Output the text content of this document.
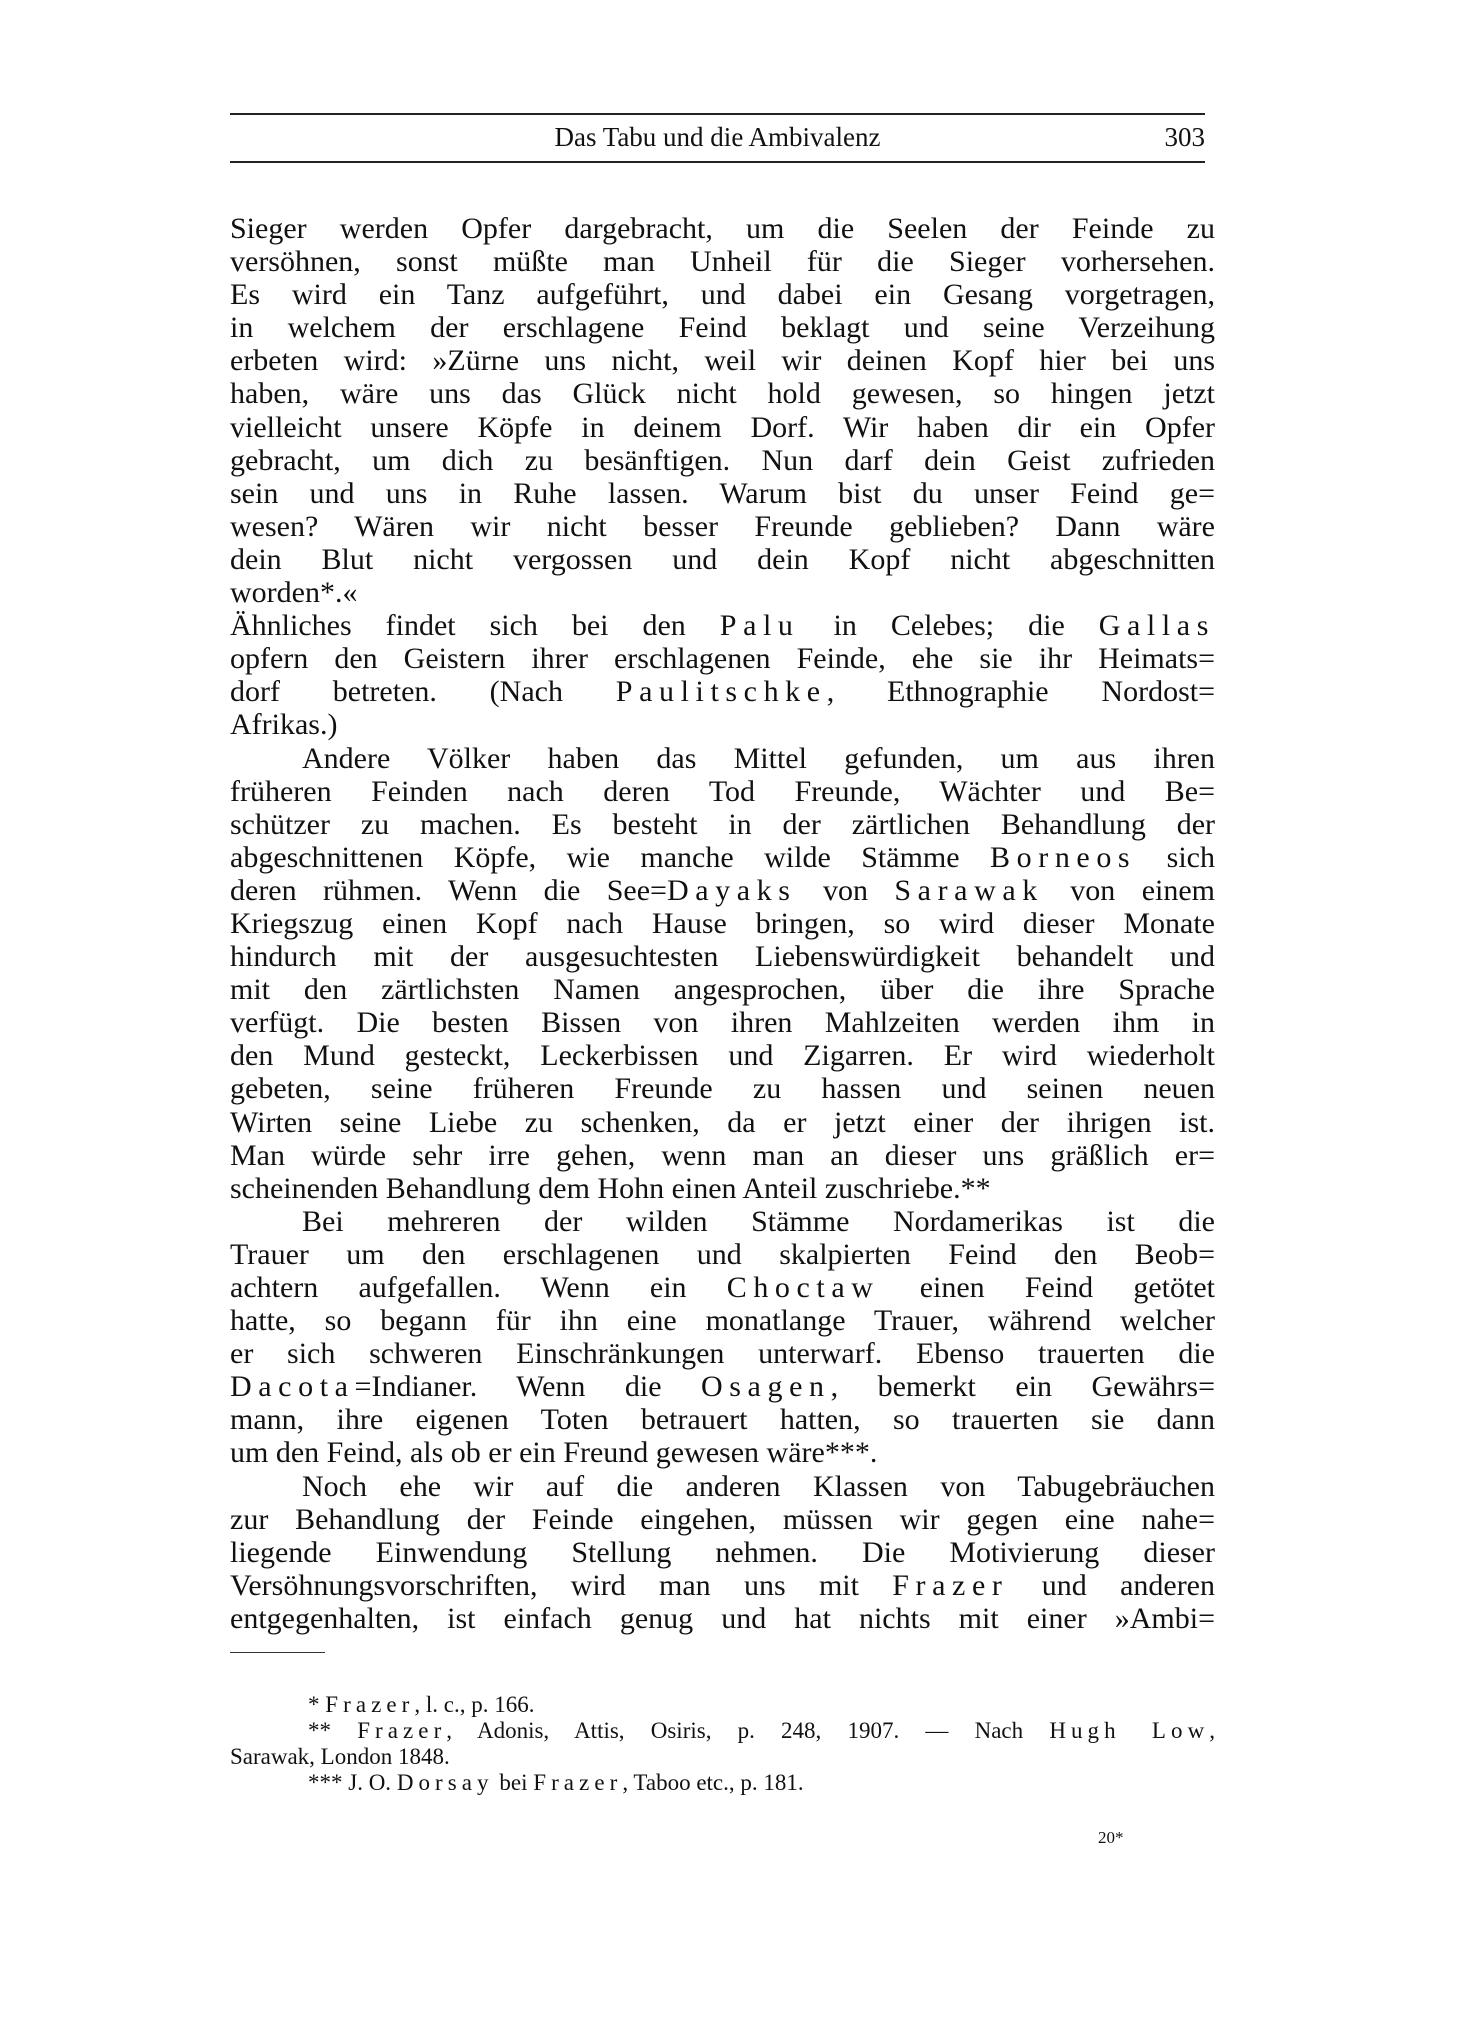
Das Tabu und die Ambivalenz	303
Sieger werden Opfer dargebracht, um die Seelen der Feinde zu
versöhnen, sonst müßte man Unheil für die Sieger vorhersehen.
Es wird ein Tanz aufgeführt, und dabei ein Gesang vorgetragen,
in welchem der erschlagene Feind beklagt und seine Verzeihung
erbeten wird: »Zürne uns nicht, weil wir deinen Kopf hier bei uns
haben, wäre uns das Glück nicht hold gewesen, so hingen jetzt
vielleicht unsere Köpfe in deinem Dorf. Wir haben dir ein Opfer
gebracht, um dich zu besänftigen. Nun darf dein Geist zufrieden
sein und uns in Ruhe lassen. Warum bist du unser Feind ge=
wesen? Wären wir nicht besser Freunde geblieben? Dann wäre
dein Blut nicht vergossen und dein Kopf nicht abgeschnitten
worden*.«
Ähnliches findet sich bei den Palu in Celebes; die Gallas
opfern den Geistern ihrer erschlagenen Feinde, ehe sie ihr Heimats=
dorf betreten. (Nach Paulitschke, Ethnographie Nordost=
Afrikas.)
Andere Völker haben das Mittel gefunden, um aus ihren
früheren Feinden nach deren Tod Freunde, Wächter und Be=
schützer zu machen. Es besteht in der zärtlichen Behandlung der
abgeschnittenen Köpfe, wie manche wilde Stämme Borneos sich
deren rühmen. Wenn die See=Dayaks von Sarawak von einem
Kriegszug einen Kopf nach Hause bringen, so wird dieser Monate
hindurch mit der ausgesuchtesten Liebenswürdigkeit behandelt und
mit den zärtlichsten Namen angesprochen, über die ihre Sprache
verfügt. Die besten Bissen von ihren Mahlzeiten werden ihm in
den Mund gesteckt, Leckerbissen und Zigarren. Er wird wiederholt
gebeten, seine früheren Freunde zu hassen und seinen neuen
Wirten seine Liebe zu schenken, da er jetzt einer der ihrigen ist.
Man würde sehr irre gehen, wenn man an dieser uns gräßlich er=
scheinenden Behandlung dem Hohn einen Anteil zuschriebe.**
Bei mehreren der wilden Stämme Nordamerikas ist die
Trauer um den erschlagenen und skalpierten Feind den Beob=
achtern aufgefallen. Wenn ein Choctaw einen Feind getötet
hatte, so begann für ihn eine monatlange Trauer, während welcher
er sich schweren Einschränkungen unterwarf. Ebenso trauerten die
Dacota=Indianer. Wenn die Osagen, bemerkt ein Gewährs=
mann, ihre eigenen Toten betrauert hatten, so trauerten sie dann
um den Feind, als ob er ein Freund gewesen wäre***.
Noch ehe wir auf die anderen Klassen von Tabugebräuchen
zur Behandlung der Feinde eingehen, müssen wir gegen eine nahe=
liegende Einwendung Stellung nehmen. Die Motivierung dieser
Versöhnungsvorschriften, wird man uns mit Frazer und anderen
entgegenhalten, ist einfach genug und hat nichts mit einer »Ambi=
* Frazer, l. c., p. 166.
** Frazer, Adonis, Attis, Osiris, p. 248, 1907. — Nach Hugh Low,
Sarawak, London 1848.
*** J. O. Dorsay bei Frazer, Taboo etc., p. 181.
20*
